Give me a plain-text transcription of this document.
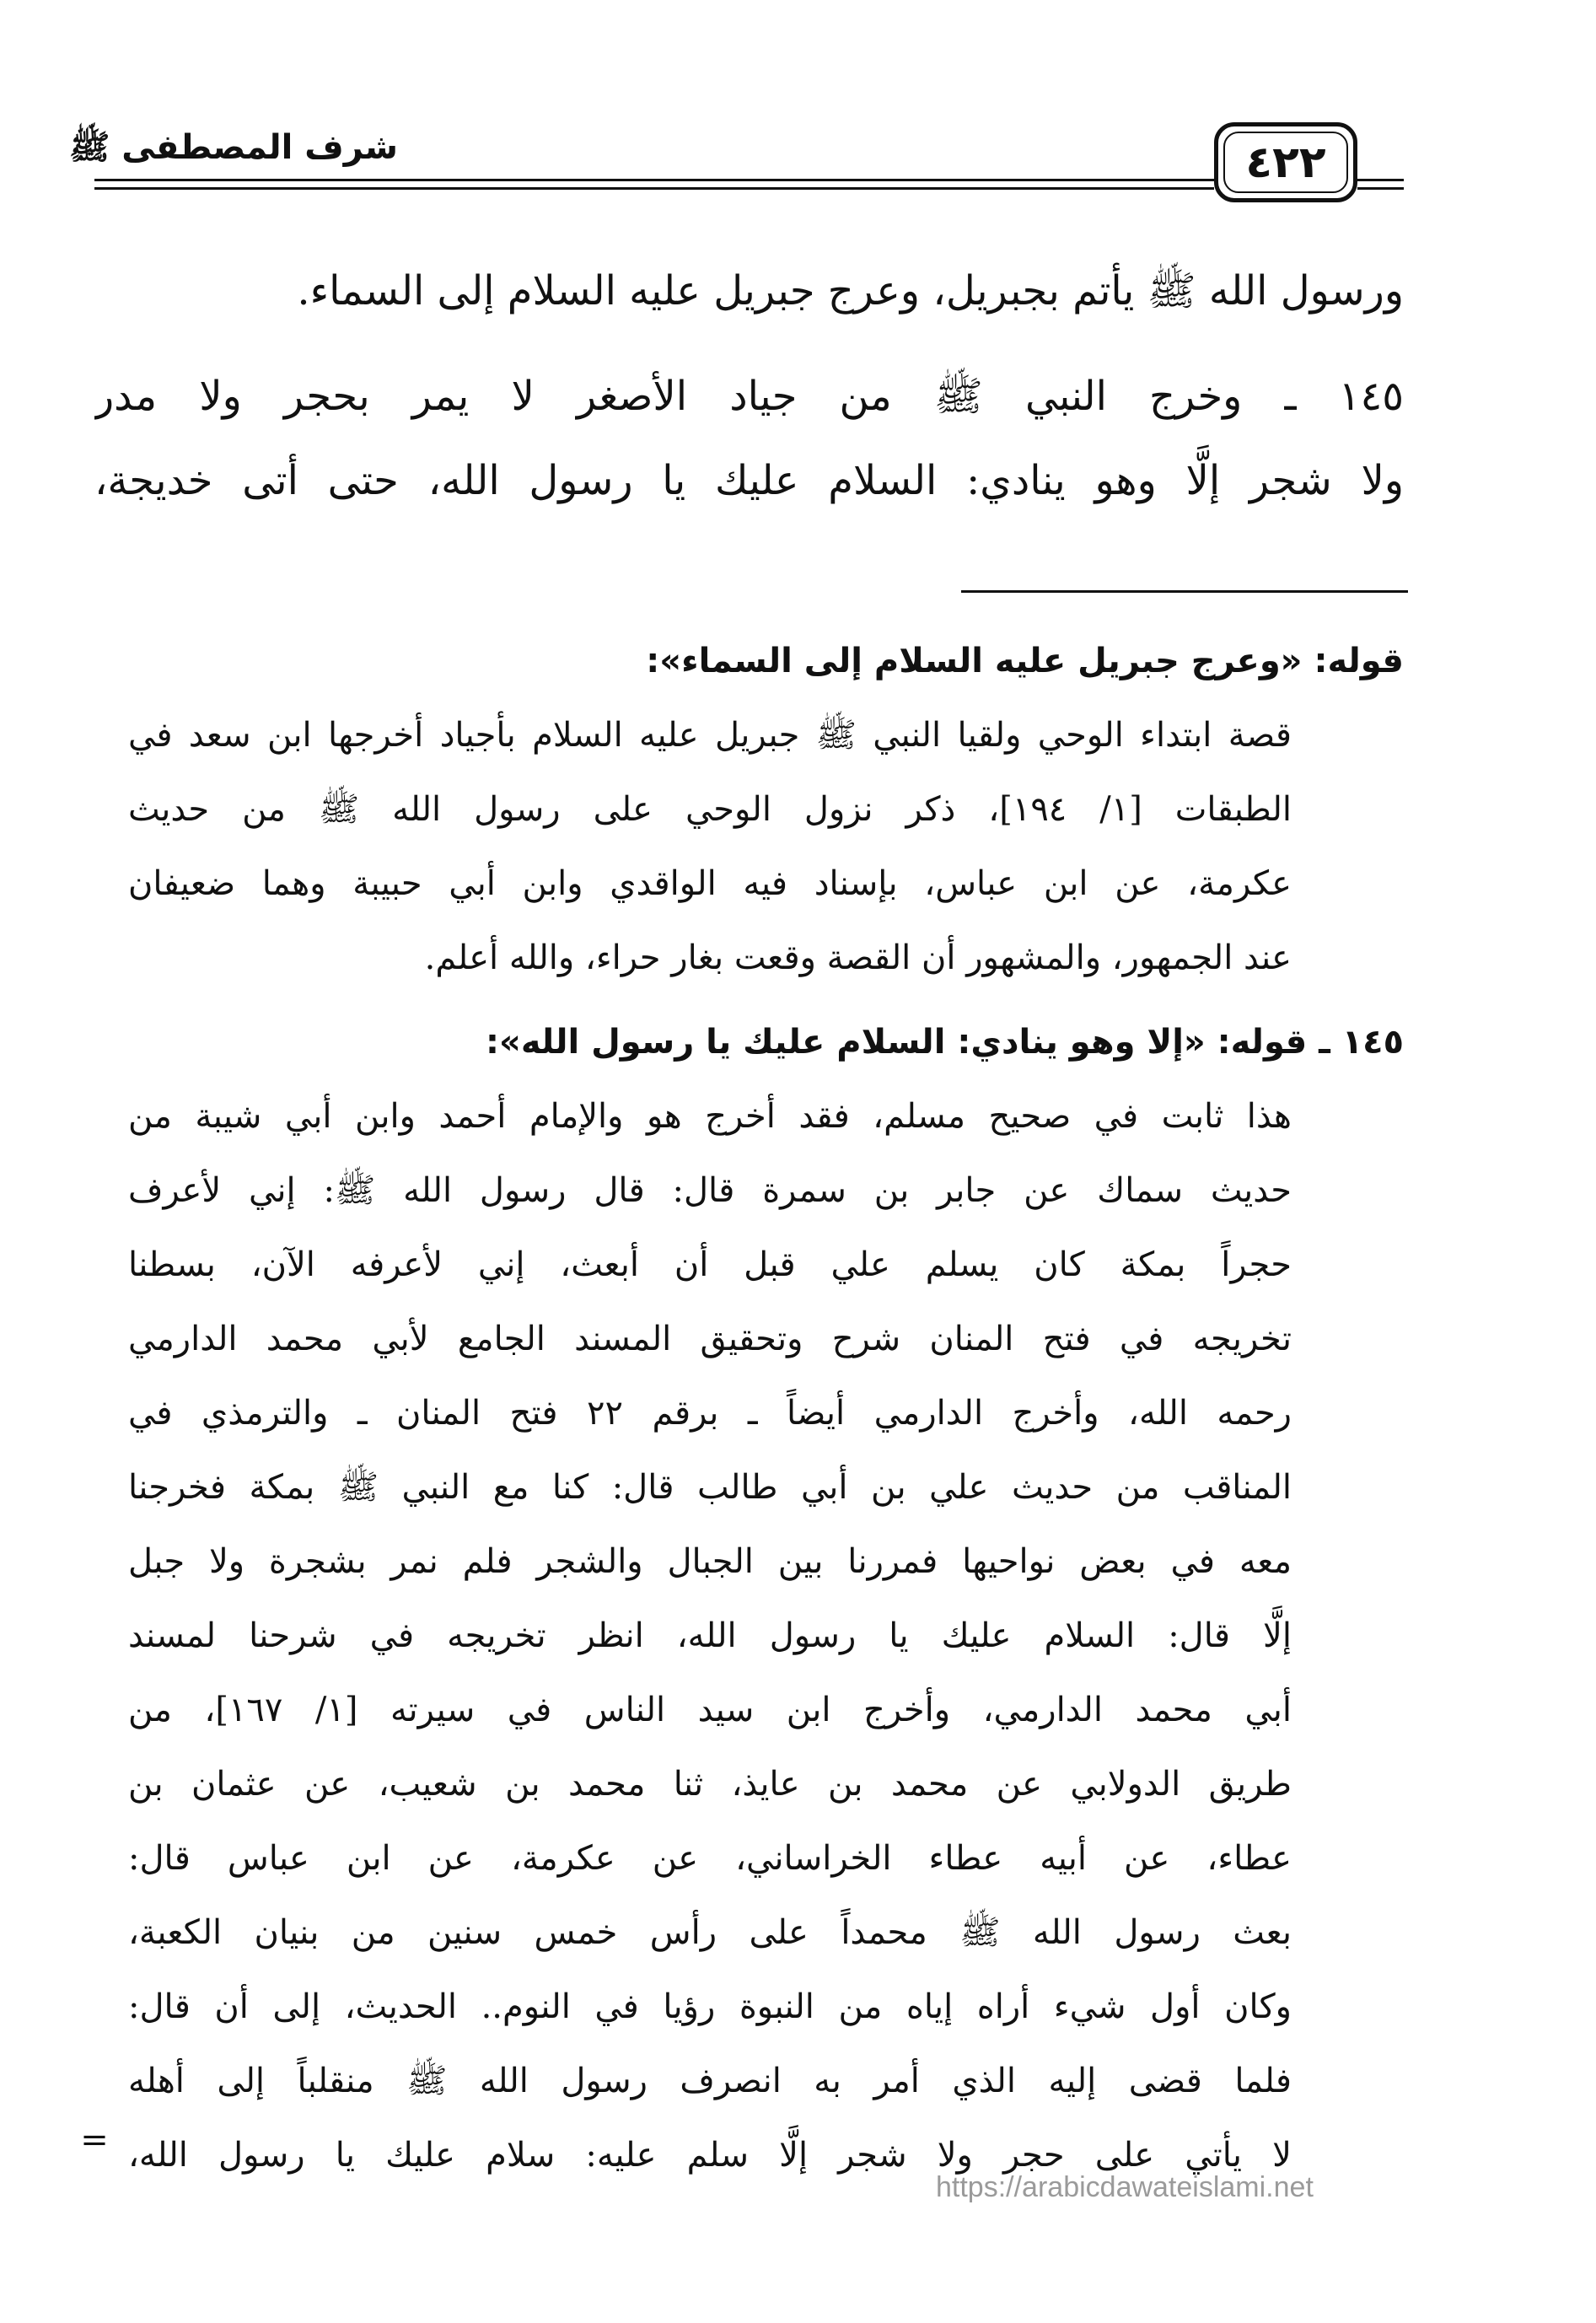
شرف المصطفى ﷺ	٤٢٢
ورسول الله ﷺ يأتم بجبريل، وعرج جبريل عليه السلام إلى السماء.
١٤٥ ـ وخرج النبي ﷺ من جياد الأصغر لا يمر بحجر ولا مدر
ولا شجر إلَّا وهو ينادي: السلام عليك يا رسول الله، حتى أتى خديجة،
قوله: «وعرج جبريل عليه السلام إلى السماء»:
قصة ابتداء الوحي ولقيا النبي ﷺ جبريل عليه السلام بأجياد أخرجها ابن سعد في
الطبقات [١/ ١٩٤]، ذكر نزول الوحي على رسول الله ﷺ من حديث
عكرمة، عن ابن عباس، بإسناد فيه الواقدي وابن أبي حبيبة وهما ضعيفان
عند الجمهور، والمشهور أن القصة وقعت بغار حراء، والله أعلم.
١٤٥ ـ قوله: «إلا وهو ينادي: السلام عليك يا رسول الله»:
هذا ثابت في صحيح مسلم، فقد أخرج هو والإمام أحمد وابن أبي شيبة من
حديث سماك عن جابر بن سمرة قال: قال رسول الله ﷺ: إني لأعرف
حجراً بمكة كان يسلم علي قبل أن أبعث، إني لأعرفه الآن، بسطنا
تخريجه في فتح المنان شرح وتحقيق المسند الجامع لأبي محمد الدارمي
رحمه الله، وأخرج الدارمي أيضاً ـ برقم ٢٢ فتح المنان ـ والترمذي في
المناقب من حديث علي بن أبي طالب قال: كنا مع النبي ﷺ بمكة فخرجنا
معه في بعض نواحيها فمررنا بين الجبال والشجر فلم نمر بشجرة ولا جبل
إلَّا قال: السلام عليك يا رسول الله، انظر تخريجه في شرحنا لمسند
أبي محمد الدارمي، وأخرج ابن سيد الناس في سيرته [١/ ١٦٧]، من
طريق الدولابي عن محمد بن عايذ، ثنا محمد بن شعيب، عن عثمان بن
عطاء، عن أبيه عطاء الخراساني، عن عكرمة، عن ابن عباس قال:
بعث رسول الله ﷺ محمداً على رأس خمس سنين من بنيان الكعبة،
وكان أول شيء أراه إياه من النبوة رؤيا في النوم.. الحديث، إلى أن قال:
فلما قضى إليه الذي أمر به انصرف رسول الله ﷺ منقلباً إلى أهله
لا يأتي على حجر ولا شجر إلَّا سلم عليه: سلام عليك يا رسول الله،
=
https://arabicdawateislami.net
